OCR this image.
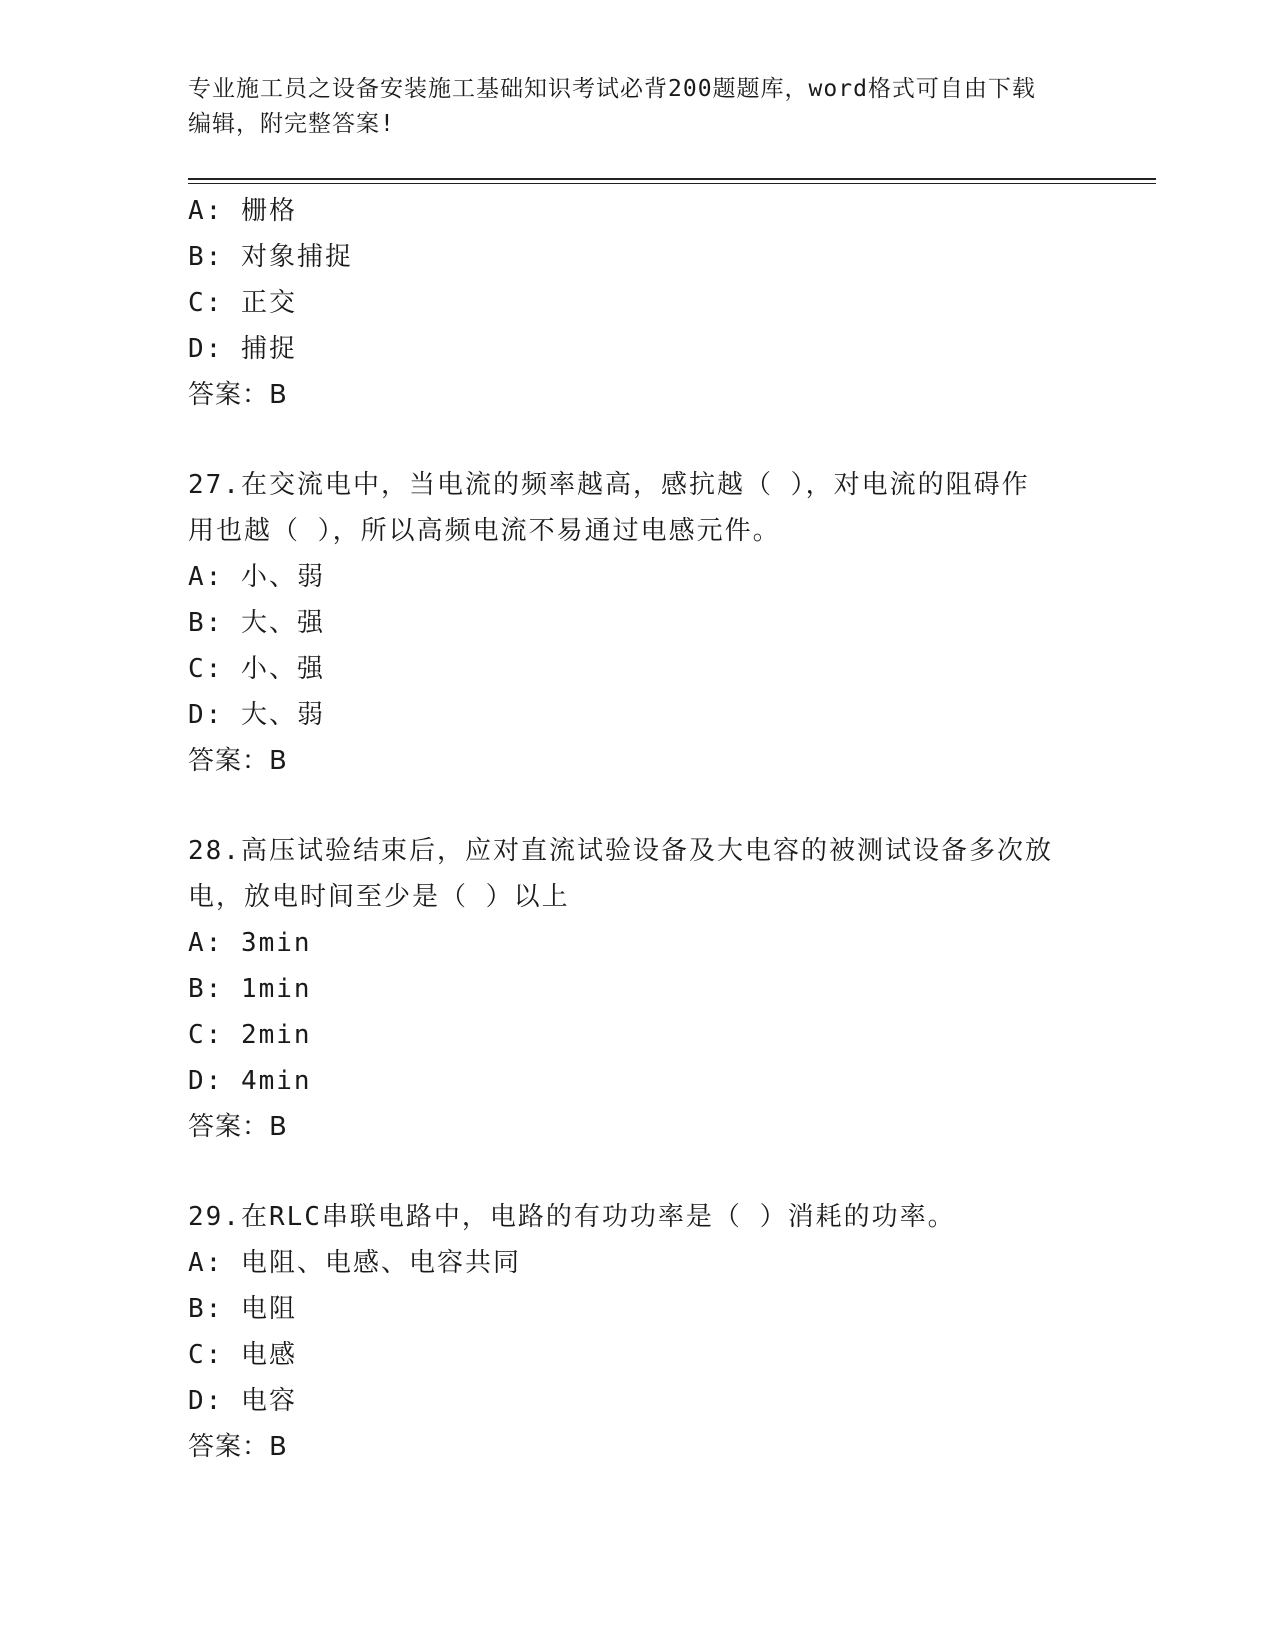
专业施工员之设备安装施工基础知识考试必背200题题库，word格式可自由下载
编辑，附完整答案!
A: 栅格
B: 对象捕捉
C: 正交
D: 捕捉
答案：B
27.在交流电中，当电流的频率越高，感抗越（ ），对电流的阻碍作
用也越（ ），所以高频电流不易通过电感元件。
A: 小、弱
B: 大、强
C: 小、强
D: 大、弱
答案：B
28.高压试验结束后，应对直流试验设备及大电容的被测试设备多次放
电，放电时间至少是（ ）以上
A: 3min
B: 1min
C: 2min
D: 4min
答案：B
29.在RLC串联电路中，电路的有功功率是（ ）消耗的功率。
A: 电阻、电感、电容共同
B: 电阻
C: 电感
D: 电容
答案：B
